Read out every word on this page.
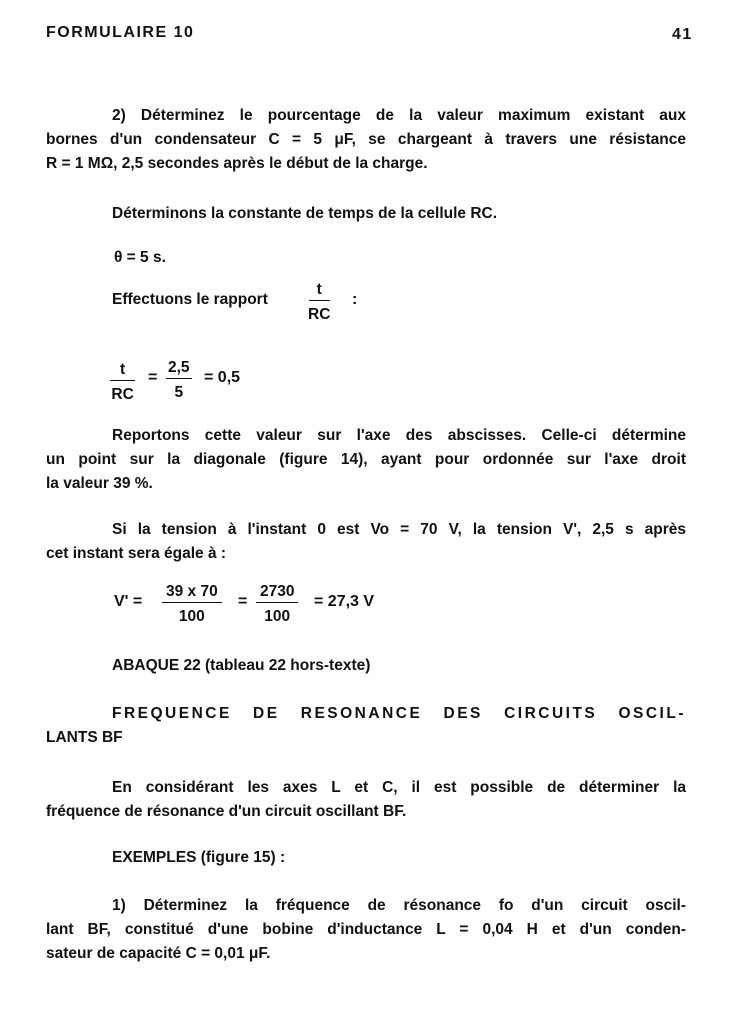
FORMULAIRE 10	41
2) Déterminez le pourcentage de la valeur maximum existant aux
bornes d'un condensateur C = 5 μF, se chargeant à travers une résistance
R = 1 MΩ, 2,5 secondes après le début de la charge.
Déterminons la constante de temps de la cellule RC.
θ = 5 s.
Effectuons le rapport	$\frac{t}{RC}$ :
$\frac{t}{RC} = \frac{2,5}{5} = 0,5$
Reportons cette valeur sur l'axe des abscisses. Celle-ci détermine
un point sur la diagonale (figure 14), ayant pour ordonnée sur l'axe droit
la valeur 39 %.
Si la tension à l'instant 0 est Vo = 70 V, la tension V', 2,5 s après
cet instant sera égale à :
$V' = \frac{39 x 70}{100} = \frac{2730}{100} = 27,3$ V
ABAQUE 22 (tableau 22 hors-texte)
FREQUENCE DE RESONANCE DES CIRCUITS OSCIL-
LANTS BF
En considérant les axes L et C, il est possible de déterminer la
fréquence de résonance d'un circuit oscillant BF.
EXEMPLES (figure 15) :
1) Déterminez la fréquence de résonance fo d'un circuit oscil-
lant BF, constitué d'une bobine d'inductance L = 0,04 H et d'un conden-
sateur de capacité C = 0,01 μF.
